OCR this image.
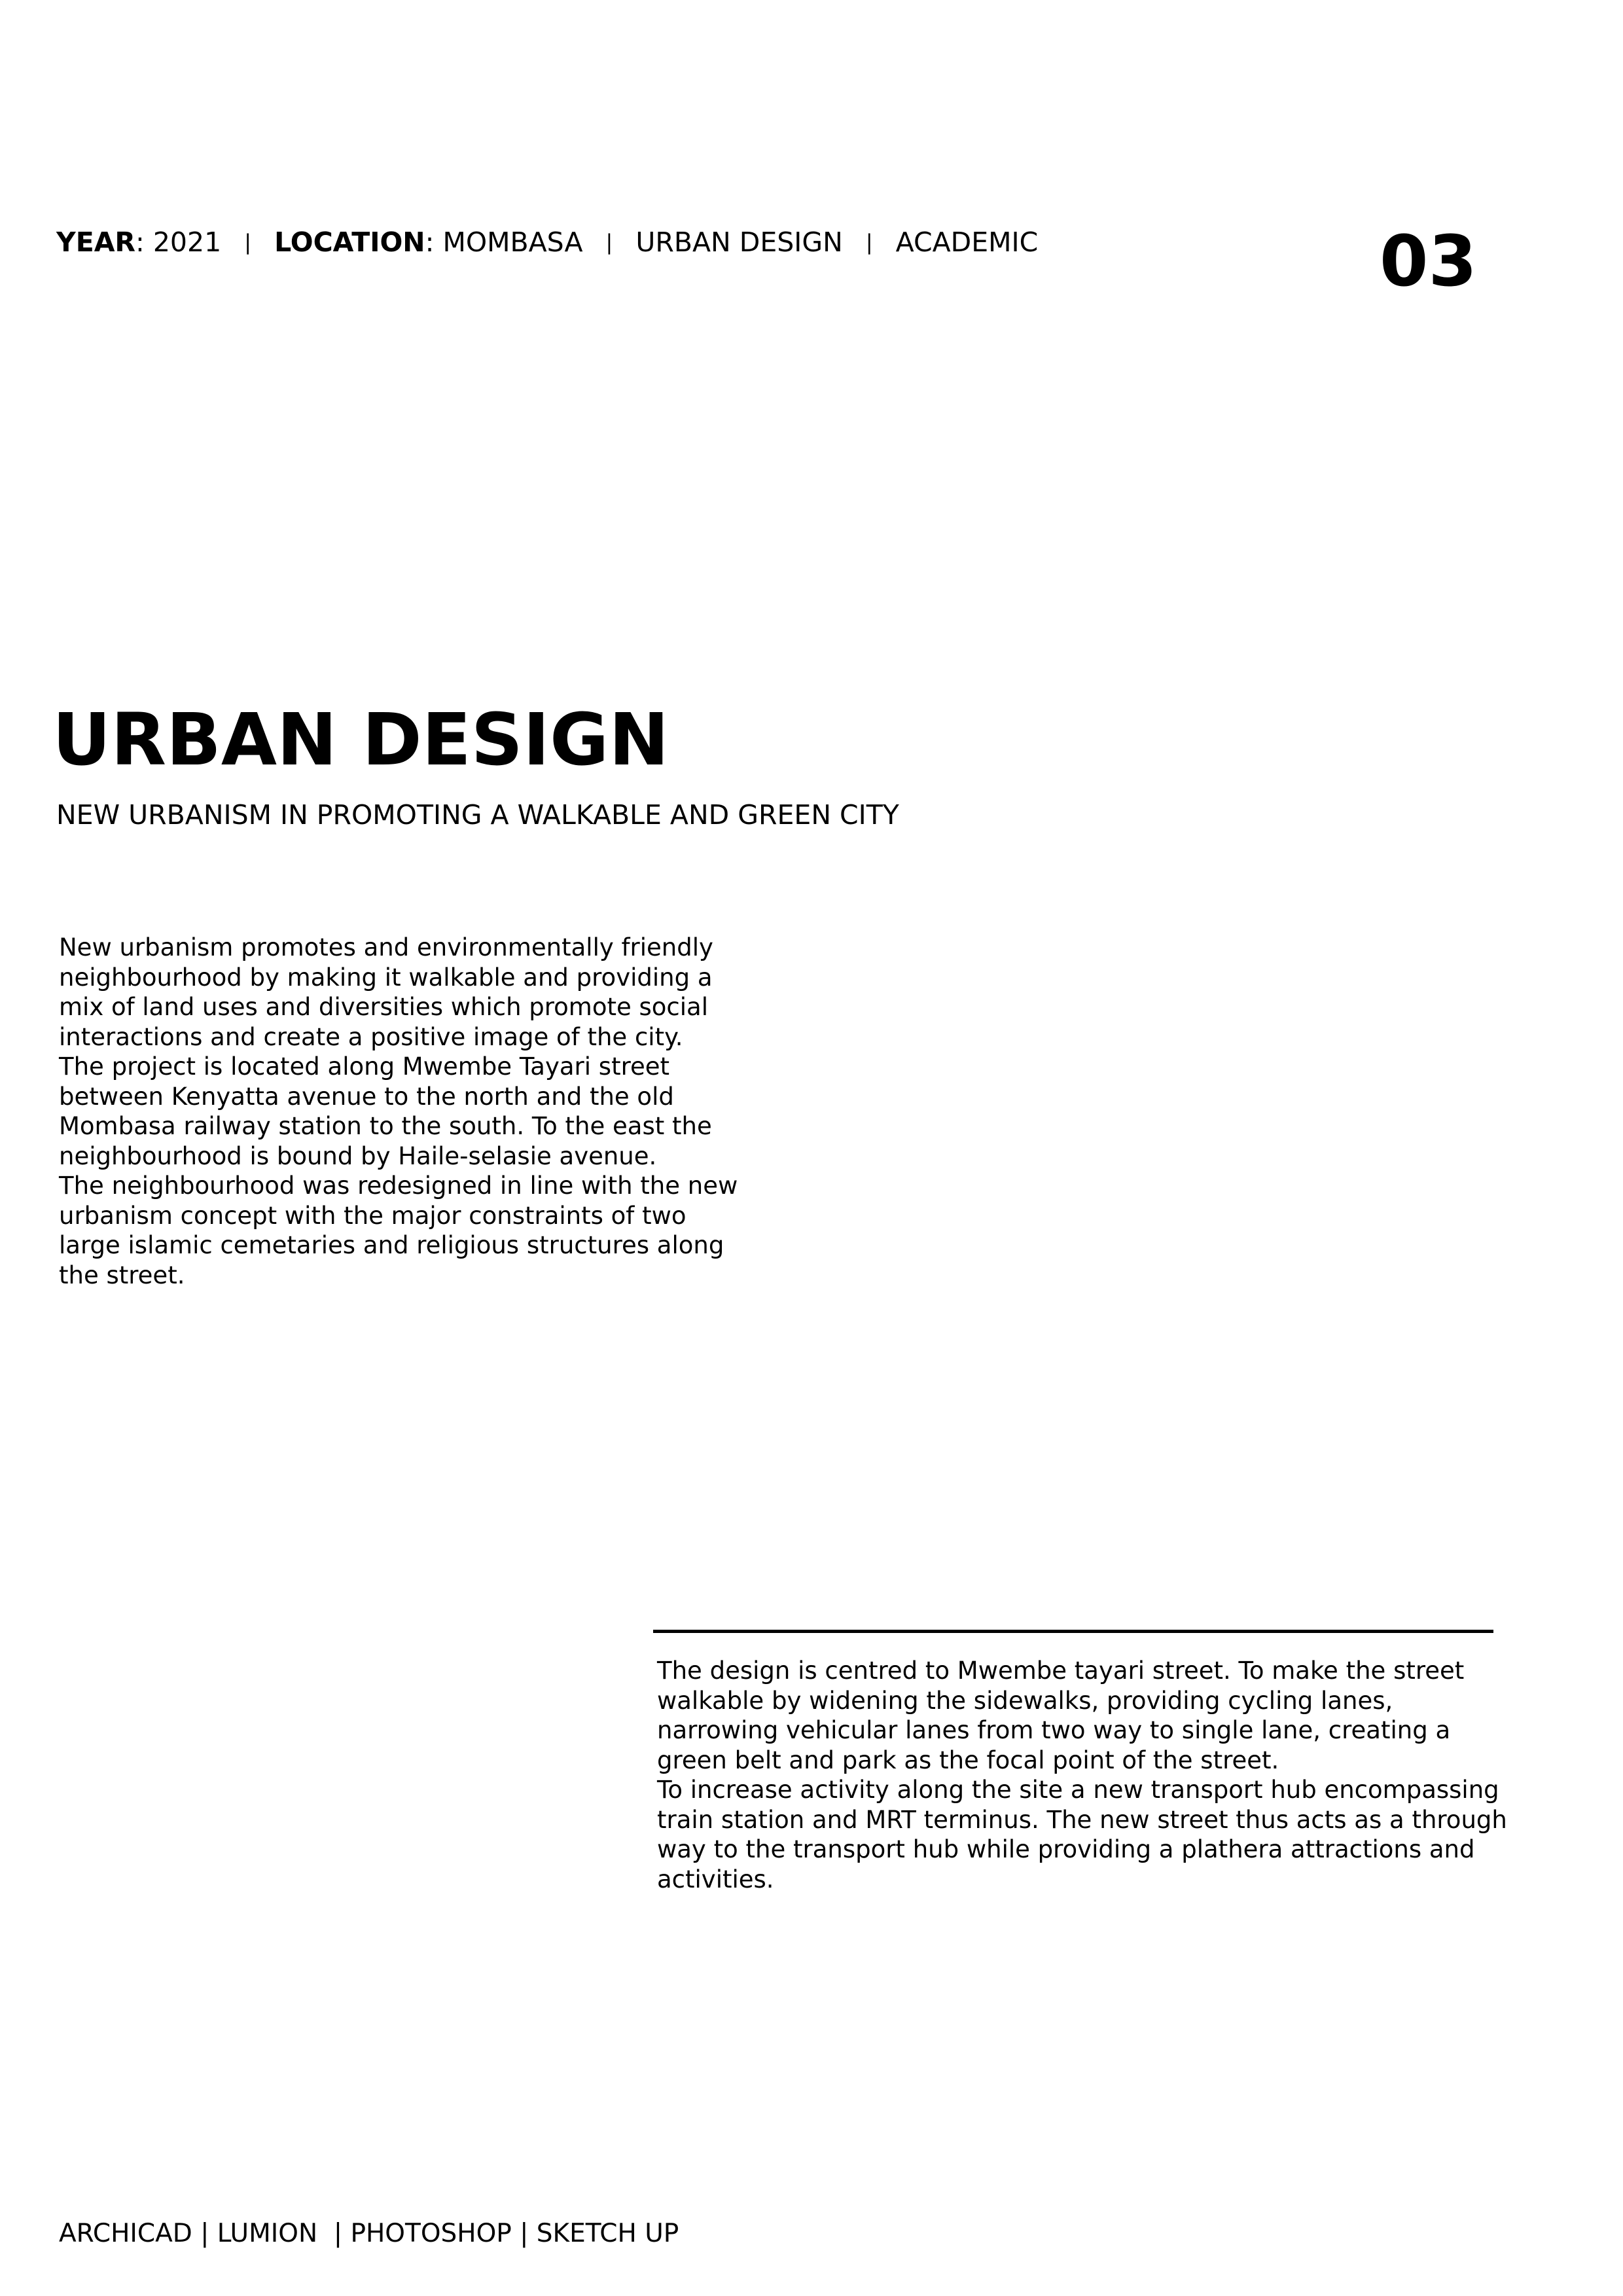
YEAR: 2021 | LOCATION: MOMBASA | URBAN DESIGN | ACADEMIC	03
URBAN DESIGN
NEW URBANISM IN PROMOTING A WALKABLE AND GREEN CITY

New urbanism promotes and environmentally friendly
neighbourhood by making it walkable and providing a
mix of land uses and diversities which promote social
interactions and create a positive image of the city.
The project is located along Mwembe Tayari street
between Kenyatta avenue to the north and the old
Mombasa railway station to the south. To the east the
neighbourhood is bound by Haile-selasie avenue.
The neighbourhood was redesigned in line with the new
urbanism concept with the major constraints of two
large islamic cemetaries and religious structures along
the street.

The design is centred to Mwembe tayari street. To make the street
walkable by widening the sidewalks, providing cycling lanes,
narrowing vehicular lanes from two way to single lane, creating a
green belt and park as the focal point of the street.
To increase activity along the site a new transport hub encompassing
train station and MRT terminus. The new street thus acts as a through
way to the transport hub while providing a plathera attractions and
activities.

ARCHICAD | LUMION  | PHOTOSHOP | SKETCH UP
